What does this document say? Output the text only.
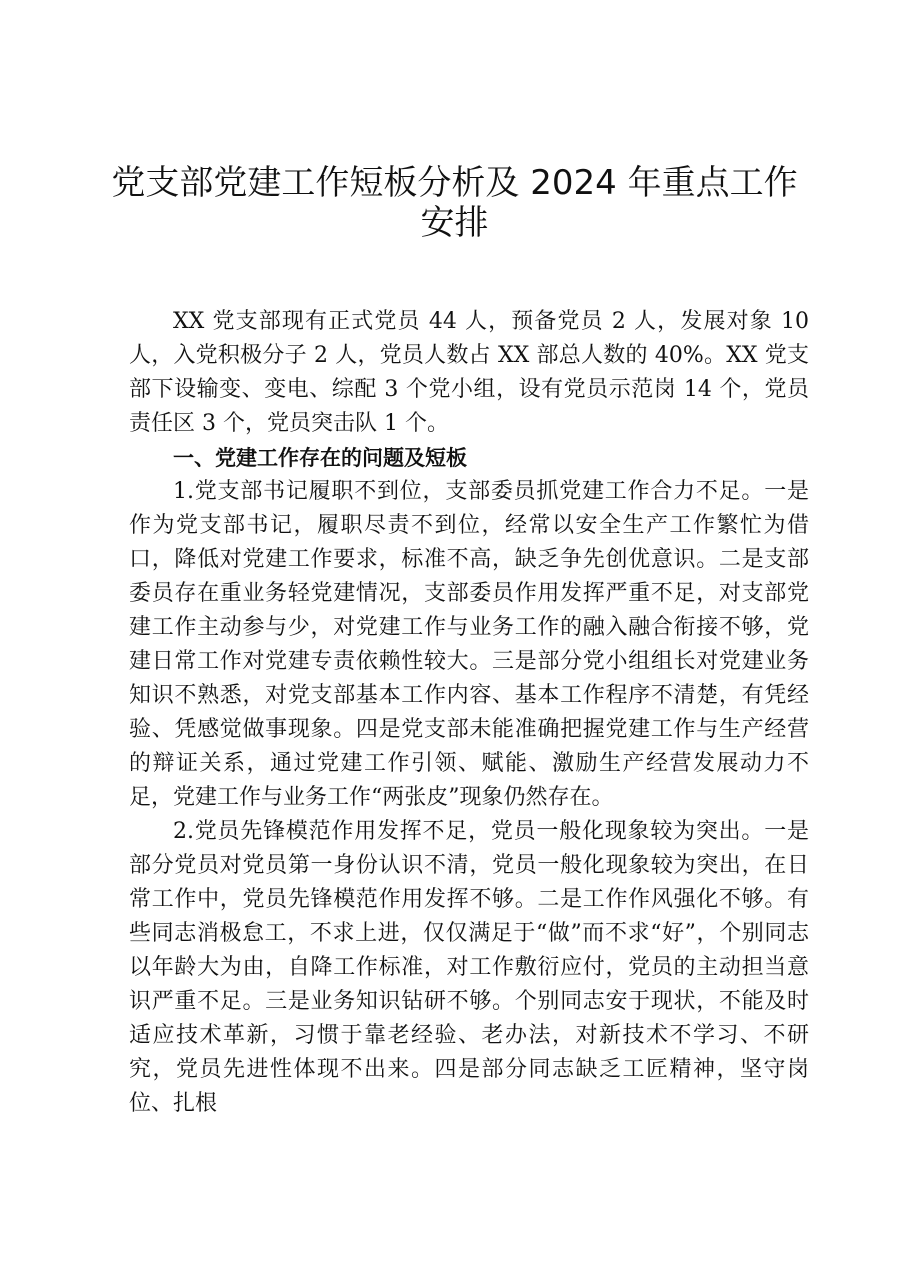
党支部党建工作短板分析及 2024 年重点工作
安排

XX 党支部现有正式党员 44 人，预备党员 2 人，发展对象 10 人，入党积极分子 2 人，党员人数占 XX 部总人数的 40%。XX 党支部下设输变、变电、综配 3 个党小组，设有党员示范岗 14 个，党员责任区 3 个，党员突击队 1 个。

一、党建工作存在的问题及短板

1.党支部书记履职不到位，支部委员抓党建工作合力不足。一是作为党支部书记，履职尽责不到位，经常以安全生产工作繁忙为借口，降低对党建工作要求，标准不高，缺乏争先创优意识。二是支部委员存在重业务轻党建情况，支部委员作用发挥严重不足，对支部党建工作主动参与少，对党建工作与业务工作的融入融合衔接不够，党建日常工作对党建专责依赖性较大。三是部分党小组组长对党建业务知识不熟悉，对党支部基本工作内容、基本工作程序不清楚，有凭经验、凭感觉做事现象。四是党支部未能准确把握党建工作与生产经营的辩证关系，通过党建工作引领、赋能、激励生产经营发展动力不足，党建工作与业务工作“两张皮”现象仍然存在。

2.党员先锋模范作用发挥不足，党员一般化现象较为突出。一是部分党员对党员第一身份认识不清，党员一般化现象较为突出，在日常工作中，党员先锋模范作用发挥不够。二是工作作风强化不够。有些同志消极怠工，不求上进，仅仅满足于“做”而不求“好”，个别同志以年龄大为由，自降工作标准，对工作敷衍应付，党员的主动担当意识严重不足。三是业务知识钻研不够。个别同志安于现状，不能及时适应技术革新，习惯于靠老经验、老办法，对新技术不学习、不研究，党员先进性体现不出来。四是部分同志缺乏工匠精神，坚守岗位、扎根
